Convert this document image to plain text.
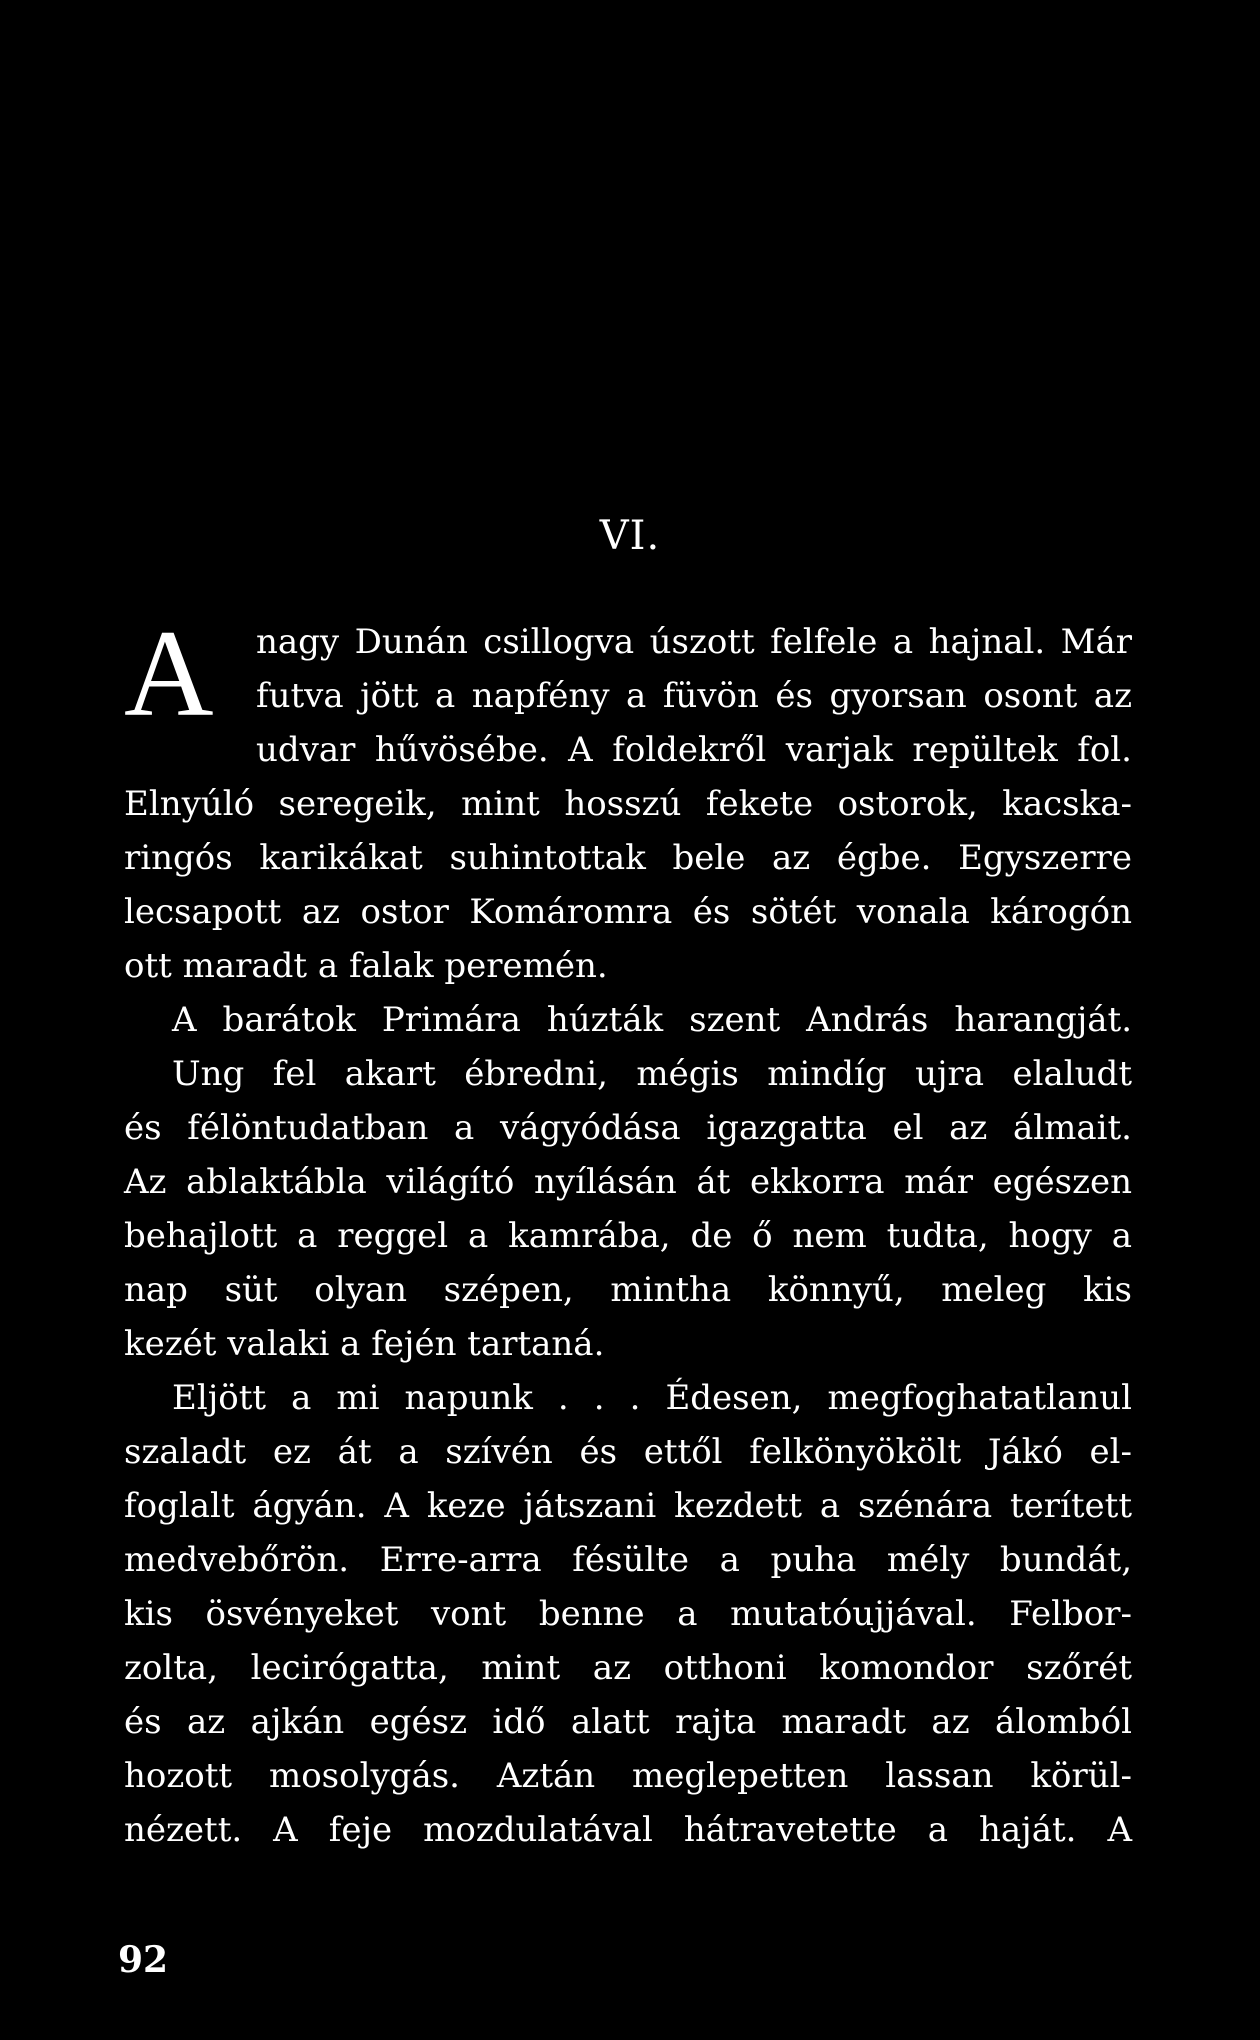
VI.
A nagy Dunán csillogva úszott felfele a hajnal. Már
futva jött a napfény a füvön és gyorsan osont az
udvar hűvösébe. A foldekről varjak repültek fol.
Elnyúló seregeik, mint hosszú fekete ostorok, kacska-
ringós karikákat suhintottak bele az égbe. Egyszerre
lecsapott az ostor Komáromra és sötét vonala károgón
ott maradt a falak peremén.
A barátok Primára húzták szent András harangját.
Ung fel akart ébredni, mégis mindíg ujra elaludt
és félöntudatban a vágyódása igazgatta el az álmait.
Az ablaktábla világító nyílásán át ekkorra már egészen
behajlott a reggel a kamrába, de ő nem tudta, hogy a
nap süt olyan szépen, mintha könnyű, meleg kis
kezét valaki a fején tartaná.
Eljött a mi napunk . . . Édesen, megfoghatatlanul
szaladt ez át a szívén és ettől felkönyökölt Jákó el-
foglalt ágyán. A keze játszani kezdett a szénára terített
medvebőrön. Erre-arra fésülte a puha mély bundát,
kis ösvényeket vont benne a mutatóujjával. Felbor-
zolta, lecirógatta, mint az otthoni komondor szőrét
és az ajkán egész idő alatt rajta maradt az álomból
hozott mosolygás. Aztán meglepetten lassan körül-
nézett. A feje mozdulatával hátravetette a haját. A
92
